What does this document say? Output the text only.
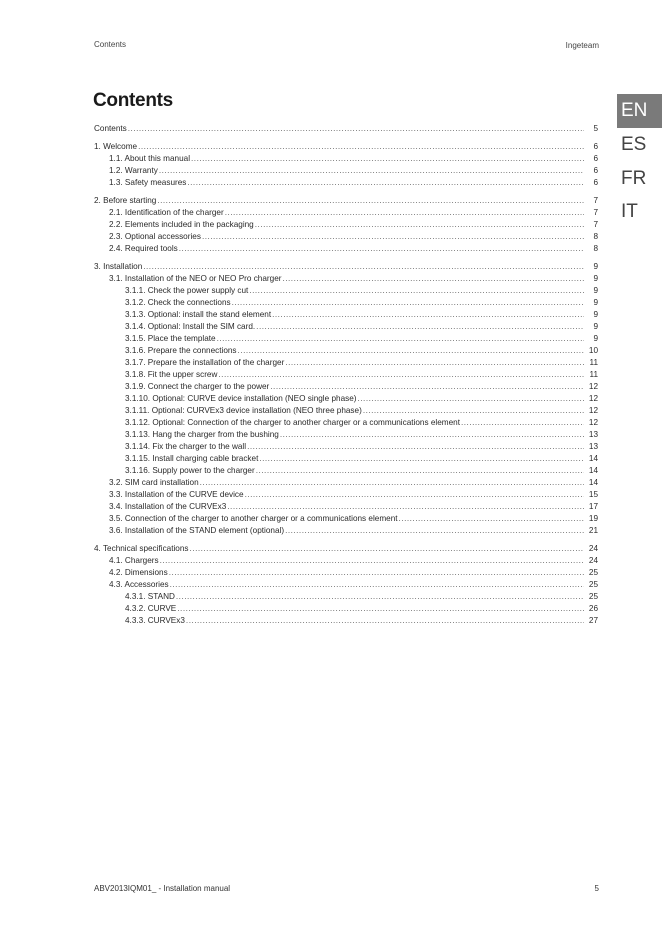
Contents	Ingeteam
Contents	EN
ES
FR
IT
Contents .....	5
1. Welcome .....	6
1.1. About this manual .....	6
1.2. Warranty .....	6
1.3. Safety measures .....	6
2. Before starting .....	7
2.1. Identification of the charger .....	7
2.2. Elements included in the packaging .....	7
2.3. Optional accessories .....	8
2.4. Required tools .....	8
3. Installation .....	9
3.1. Installation of the NEO or NEO Pro charger .....	9
3.1.1. Check the power supply cut .....	9
3.1.2. Check the connections .....	9
3.1.3. Optional: install the stand element .....	9
3.1.4. Optional: Install the SIM card. .....	9
3.1.5. Place the template .....	9
3.1.6. Prepare the connections .....	10
3.1.7. Prepare the installation of the charger .....	11
3.1.8. Fit the upper screw .....	11
3.1.9. Connect the charger to the power .....	12
3.1.10. Optional: CURVE device installation (NEO single phase) .....	12
3.1.11. Optional: CURVEx3 device installation (NEO three phase) .....	12
3.1.12. Optional: Connection of the charger to another charger or a communications element .....	12
3.1.13. Hang the charger from the bushing .....	13
3.1.14. Fix the charger to the wall .....	13
3.1.15. Install charging cable bracket .....	14
3.1.16. Supply power to the charger .....	14
3.2. SIM card installation .....	14
3.3. Installation of the CURVE device .....	15
3.4. Installation of the CURVEx3 .....	17
3.5. Connection of the charger to another charger or a communications element .....	19
3.6. Installation of the STAND element (optional) .....	21
4. Technical specifications .....	24
4.1. Chargers .....	24
4.2. Dimensions .....	25
4.3. Accessories .....	25
4.3.1. STAND .....	25
4.3.2. CURVE .....	26
4.3.3. CURVEx3 .....	27
ABV2013IQM01_ - Installation manual	5
